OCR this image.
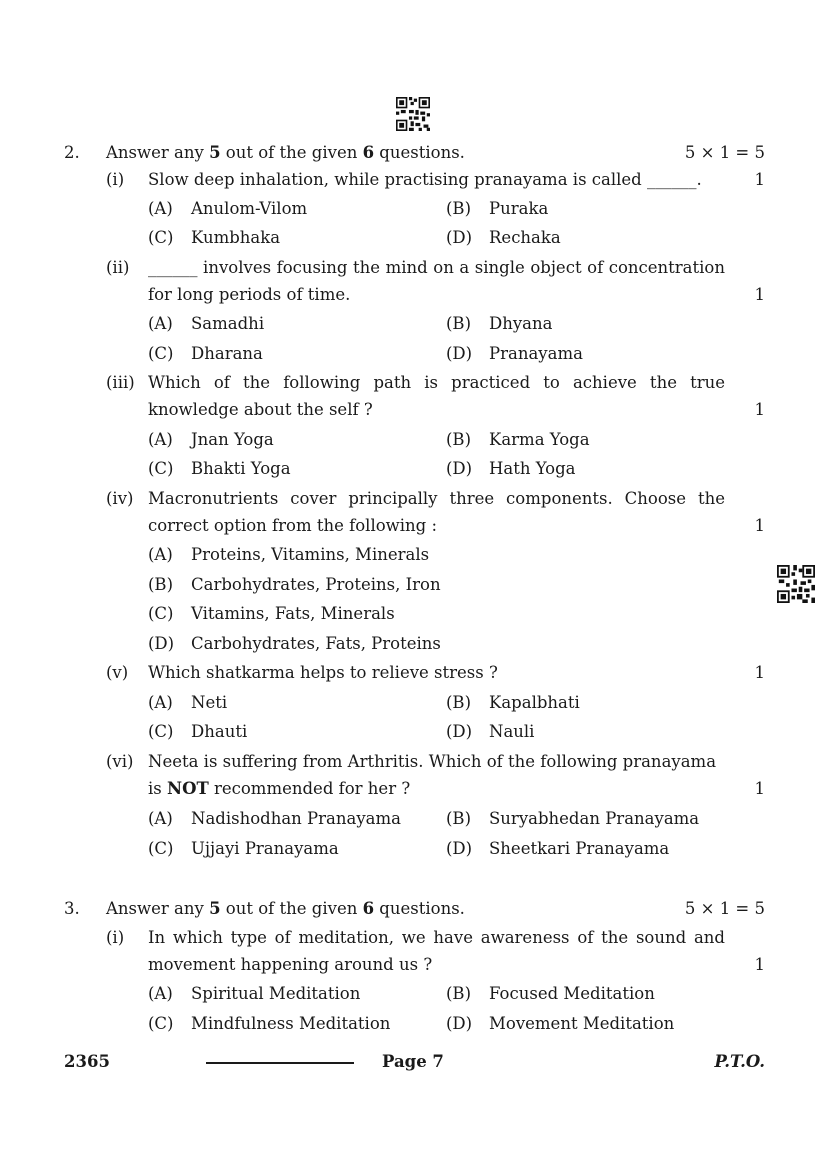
2. Answer any 5 out of the given 6 questions.	5 × 1 = 5
(i) Slow deep inhalation, while practising pranayama is called ______.	1
(A) Anulom-Vilom	(B) Puraka
(C) Kumbhaka	(D) Rechaka
(ii) ______ involves focusing the mind on a single object of concentration
for long periods of time.	1
(A) Samadhi	(B) Dhyana
(C) Dharana	(D) Pranayama
(iii) Which of the following path is practiced to achieve the true
knowledge about the self ?	1
(A) Jnan Yoga	(B) Karma Yoga
(C) Bhakti Yoga	(D) Hath Yoga
(iv) Macronutrients cover principally three components. Choose the
correct option from the following :	1
(A) Proteins, Vitamins, Minerals
(B) Carbohydrates, Proteins, Iron
(C) Vitamins, Fats, Minerals
(D) Carbohydrates, Fats, Proteins
(v) Which shatkarma helps to relieve stress ?	1
(A) Neti	(B) Kapalbhati
(C) Dhauti	(D) Nauli
(vi) Neeta is suffering from Arthritis. Which of the following pranayama
is NOT recommended for her ?	1
(A) Nadishodhan Pranayama	(B) Suryabhedan Pranayama
(C) Ujjayi Pranayama	(D) Sheetkari Pranayama
3. Answer any 5 out of the given 6 questions.	5 × 1 = 5
(i) In which type of meditation, we have awareness of the sound and
movement happening around us ?	1
(A) Spiritual Meditation	(B) Focused Meditation
(C) Mindfulness Meditation	(D) Movement Meditation
2365	Page 7	P.T.O.
